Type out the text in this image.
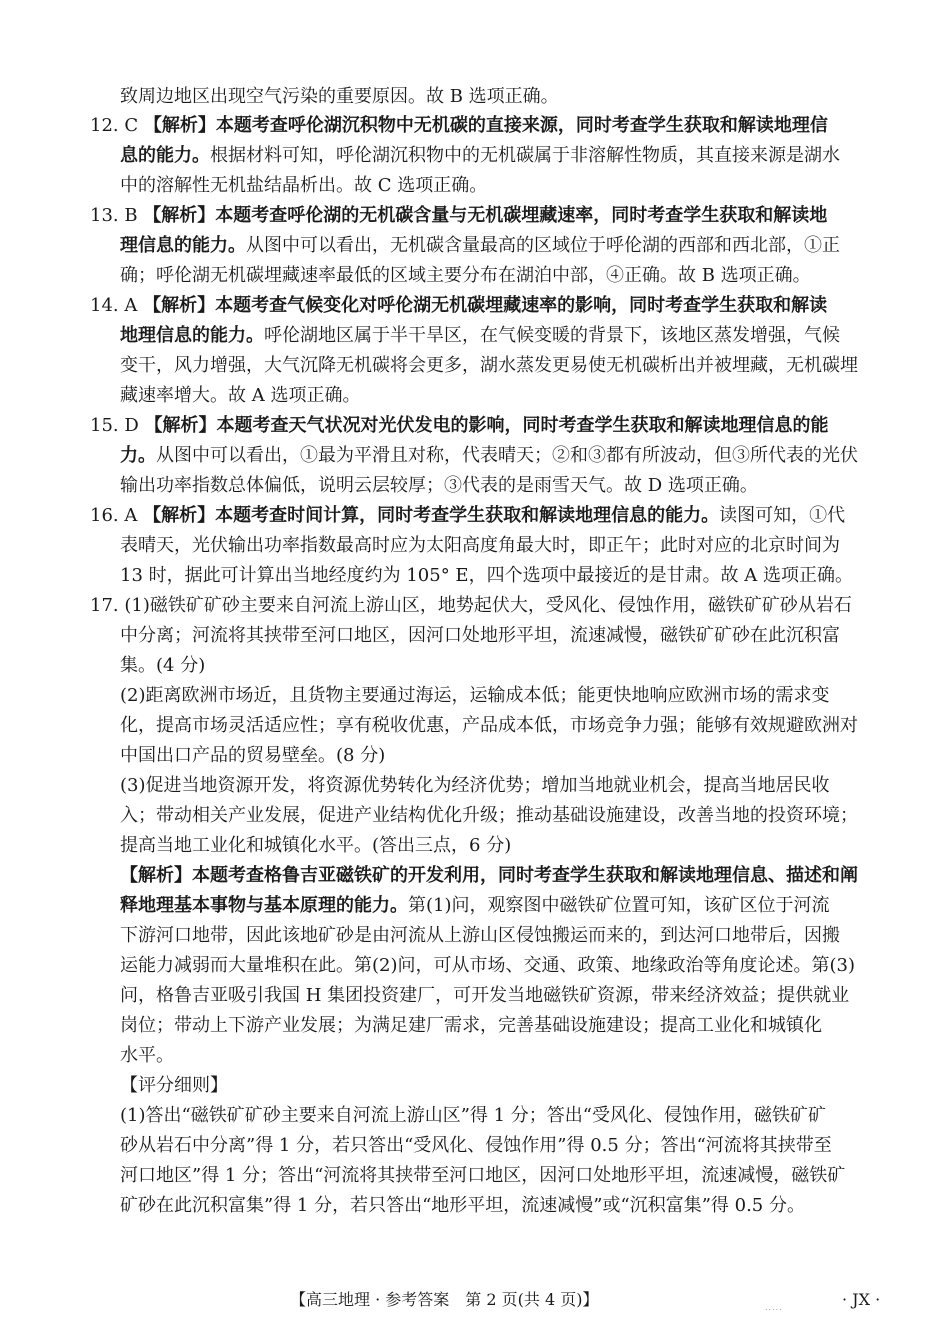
致周边地区出现空气污染的重要原因。故 B 选项正确。
12. C 【解析】本题考查呼伦湖沉积物中无机碳的直接来源，同时考查学生获取和解读地理信
息的能力。根据材料可知，呼伦湖沉积物中的无机碳属于非溶解性物质，其直接来源是湖水
中的溶解性无机盐结晶析出。故 C 选项正确。
13. B 【解析】本题考查呼伦湖的无机碳含量与无机碳埋藏速率，同时考查学生获取和解读地
理信息的能力。从图中可以看出，无机碳含量最高的区域位于呼伦湖的西部和西北部，①正
确；呼伦湖无机碳埋藏速率最低的区域主要分布在湖泊中部，④正确。故 B 选项正确。
14. A 【解析】本题考查气候变化对呼伦湖无机碳埋藏速率的影响，同时考查学生获取和解读
地理信息的能力。呼伦湖地区属于半干旱区，在气候变暖的背景下，该地区蒸发增强，气候
变干，风力增强，大气沉降无机碳将会更多，湖水蒸发更易使无机碳析出并被埋藏，无机碳埋
藏速率增大。故 A 选项正确。
15. D 【解析】本题考查天气状况对光伏发电的影响，同时考查学生获取和解读地理信息的能
力。从图中可以看出，①最为平滑且对称，代表晴天；②和③都有所波动，但③所代表的光伏
输出功率指数总体偏低，说明云层较厚；③代表的是雨雪天气。故 D 选项正确。
16. A 【解析】本题考查时间计算，同时考查学生获取和解读地理信息的能力。读图可知，①代
表晴天，光伏输出功率指数最高时应为太阳高度角最大时，即正午；此时对应的北京时间为
13 时，据此可计算出当地经度约为 105° E，四个选项中最接近的是甘肃。故 A 选项正确。
17. (1)磁铁矿矿砂主要来自河流上游山区，地势起伏大，受风化、侵蚀作用，磁铁矿矿砂从岩石
中分离；河流将其挟带至河口地区，因河口处地形平坦，流速减慢，磁铁矿矿砂在此沉积富
集。(4 分)
(2)距离欧洲市场近，且货物主要通过海运，运输成本低；能更快地响应欧洲市场的需求变
化，提高市场灵活适应性；享有税收优惠，产品成本低，市场竞争力强；能够有效规避欧洲对
中国出口产品的贸易壁垒。(8 分)
(3)促进当地资源开发，将资源优势转化为经济优势；增加当地就业机会，提高当地居民收
入；带动相关产业发展，促进产业结构优化升级；推动基础设施建设，改善当地的投资环境；
提高当地工业化和城镇化水平。(答出三点，6 分)
【解析】本题考查格鲁吉亚磁铁矿的开发利用，同时考查学生获取和解读地理信息、描述和阐
释地理基本事物与基本原理的能力。第(1)问，观察图中磁铁矿位置可知，该矿区位于河流
下游河口地带，因此该地矿砂是由河流从上游山区侵蚀搬运而来的，到达河口地带后，因搬
运能力减弱而大量堆积在此。第(2)问，可从市场、交通、政策、地缘政治等角度论述。第(3)
问，格鲁吉亚吸引我国 H 集团投资建厂，可开发当地磁铁矿资源，带来经济效益；提供就业
岗位；带动上下游产业发展；为满足建厂需求，完善基础设施建设；提高工业化和城镇化
水平。
【评分细则】
(1)答出“磁铁矿矿砂主要来自河流上游山区”得 1 分；答出“受风化、侵蚀作用，磁铁矿矿
砂从岩石中分离”得 1 分，若只答出“受风化、侵蚀作用”得 0.5 分；答出“河流将其挟带至
河口地区”得 1 分；答出“河流将其挟带至河口地区，因河口处地形平坦，流速减慢，磁铁矿
矿砂在此沉积富集”得 1 分，若只答出“地形平坦，流速减慢”或“沉积富集”得 0.5 分。
【高三地理 · 参考答案　第 2 页(共 4 页)】	.....	· JX ·
